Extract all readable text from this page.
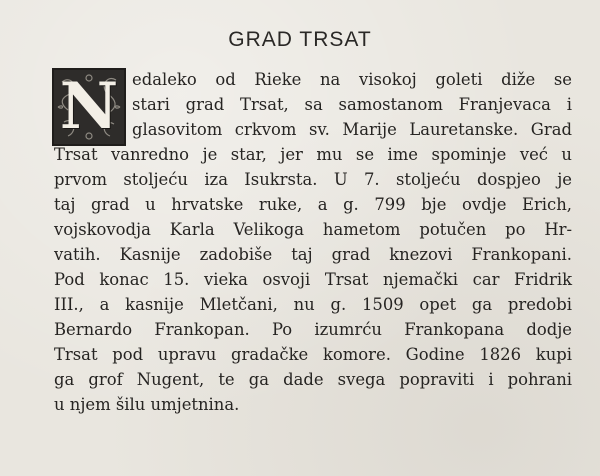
GRAD TRSAT
N edaleko od Rieke na visokoj goleti diže se
stari grad Trsat, sa samostanom Franjevaca i
glasovitom crkvom sv. Marije Lauretanske. Grad
Trsat vanredno je star, jer mu se ime spominje već u
prvom stoljeću iza Isukrsta. U 7. stoljeću dospjeo je
taj grad u hrvatske ruke, a g. 799 bje ovdje Erich,
vojskovodja Karla Velikoga hametom potučen po Hr-
vatih. Kasnije zadobiše taj grad knezovi Frankopani.
Pod konac 15. vieka osvoji Trsat njemački car Fridrik
III., a kasnije Mletčani, nu g. 1509 opet ga predobi
Bernardo Frankopan. Po izumrću Frankopana dodje
Trsat pod upravu gradačke komore. Godine 1826 kupi
ga grof Nugent, te ga dade svega popraviti i pohrani
u njem šilu umjetnina.
